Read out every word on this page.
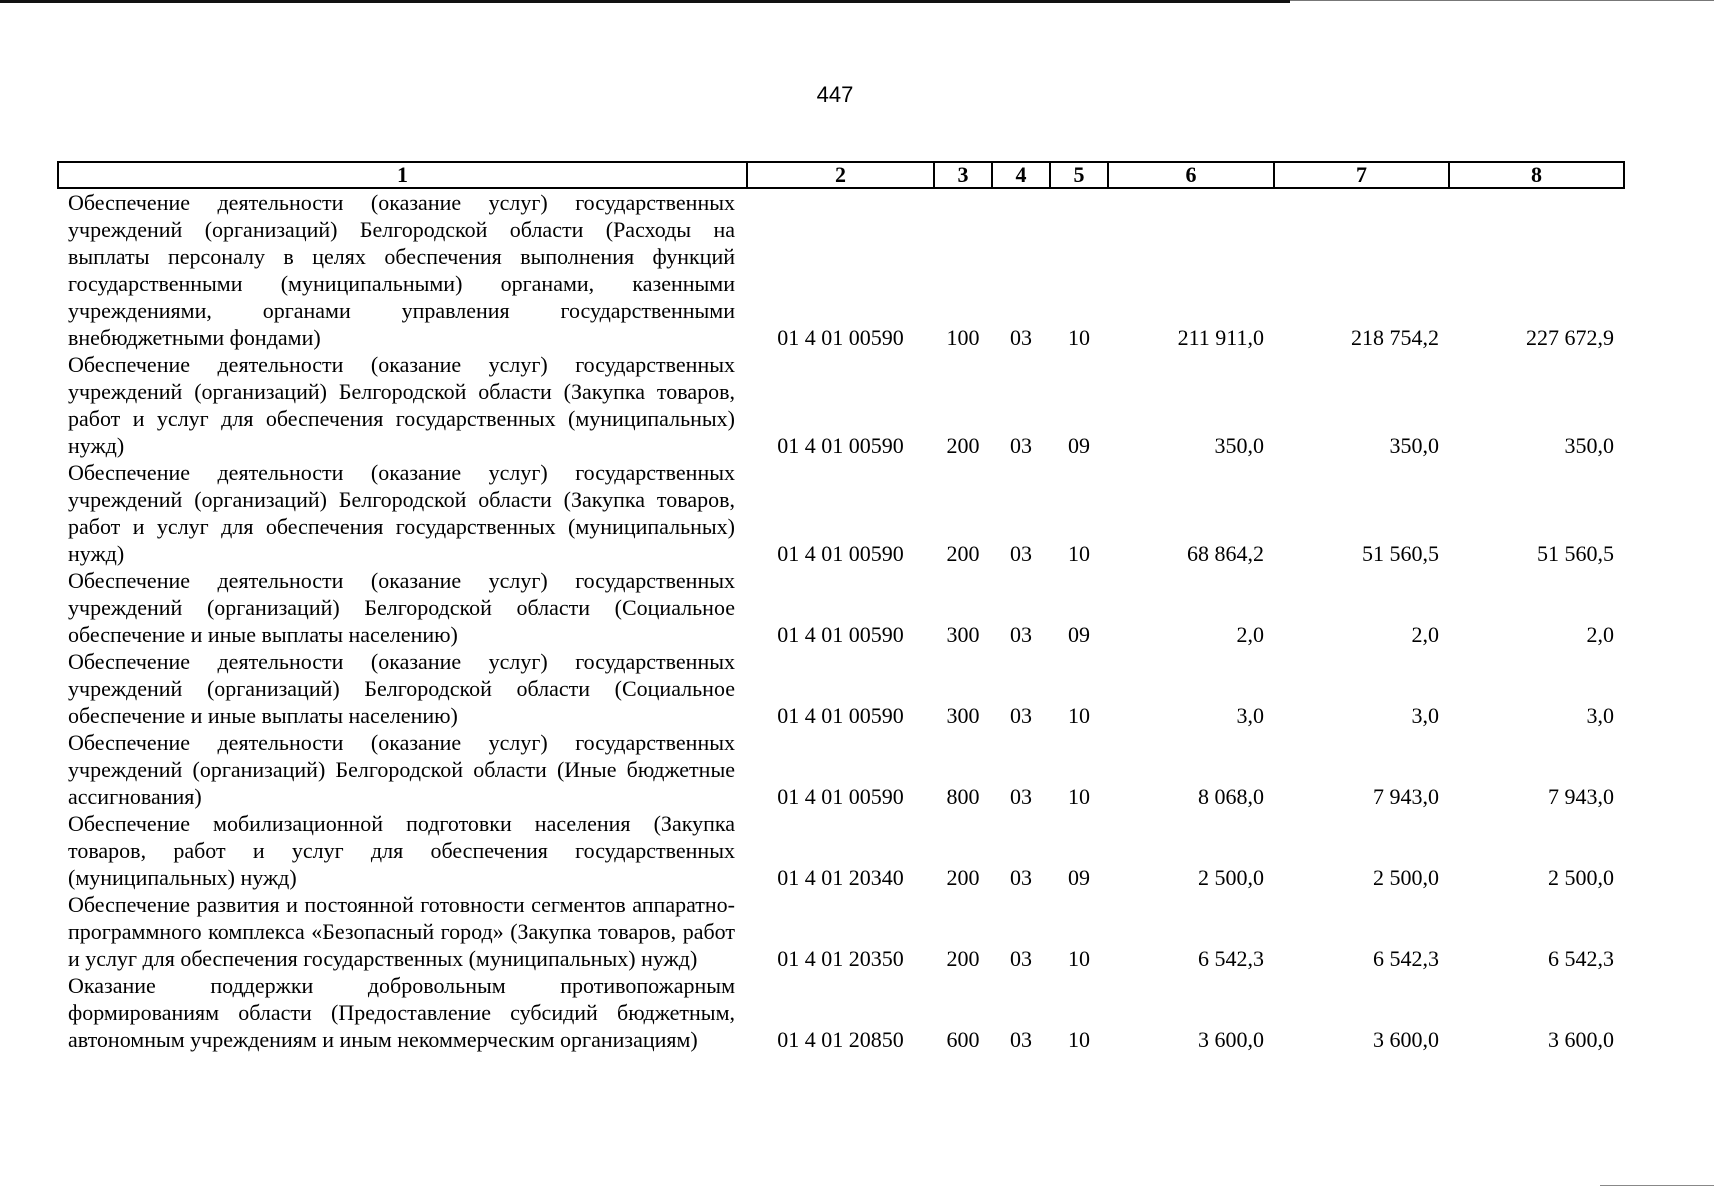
447
1	2	3	4	5	6	7	8
Обеспечение деятельности (оказание услуг) государственных учреждений (организаций) Белгородской области (Расходы на выплаты персоналу в целях обеспечения выполнения функций государственными (муниципальными) органами, казенными учреждениями, органами управления государственными внебюджетными фондами)	01 4 01 00590	100	03	10	211 911,0	218 754,2	227 672,9
Обеспечение деятельности (оказание услуг) государственных учреждений (организаций) Белгородской области (Закупка товаров, работ и услуг для обеспечения государственных (муниципальных) нужд)	01 4 01 00590	200	03	09	350,0	350,0	350,0
Обеспечение деятельности (оказание услуг) государственных учреждений (организаций) Белгородской области (Закупка товаров, работ и услуг для обеспечения государственных (муниципальных) нужд)	01 4 01 00590	200	03	10	68 864,2	51 560,5	51 560,5
Обеспечение деятельности (оказание услуг) государственных учреждений (организаций) Белгородской области (Социальное обеспечение и иные выплаты населению)	01 4 01 00590	300	03	09	2,0	2,0	2,0
Обеспечение деятельности (оказание услуг) государственных учреждений (организаций) Белгородской области (Социальное обеспечение и иные выплаты населению)	01 4 01 00590	300	03	10	3,0	3,0	3,0
Обеспечение деятельности (оказание услуг) государственных учреждений (организаций) Белгородской области (Иные бюджетные ассигнования)	01 4 01 00590	800	03	10	8 068,0	7 943,0	7 943,0
Обеспечение мобилизационной подготовки населения (Закупка товаров, работ и услуг для обеспечения государственных (муниципальных) нужд)	01 4 01 20340	200	03	09	2 500,0	2 500,0	2 500,0
Обеспечение развития и постоянной готовности сегментов аппаратно-программного комплекса «Безопасный город» (Закупка товаров, работ и услуг для обеспечения государственных (муниципальных) нужд)	01 4 01 20350	200	03	10	6 542,3	6 542,3	6 542,3
Оказание поддержки добровольным противопожарным формированиям области (Предоставление субсидий бюджетным, автономным учреждениям и иным некоммерческим организациям)	01 4 01 20850	600	03	10	3 600,0	3 600,0	3 600,0
